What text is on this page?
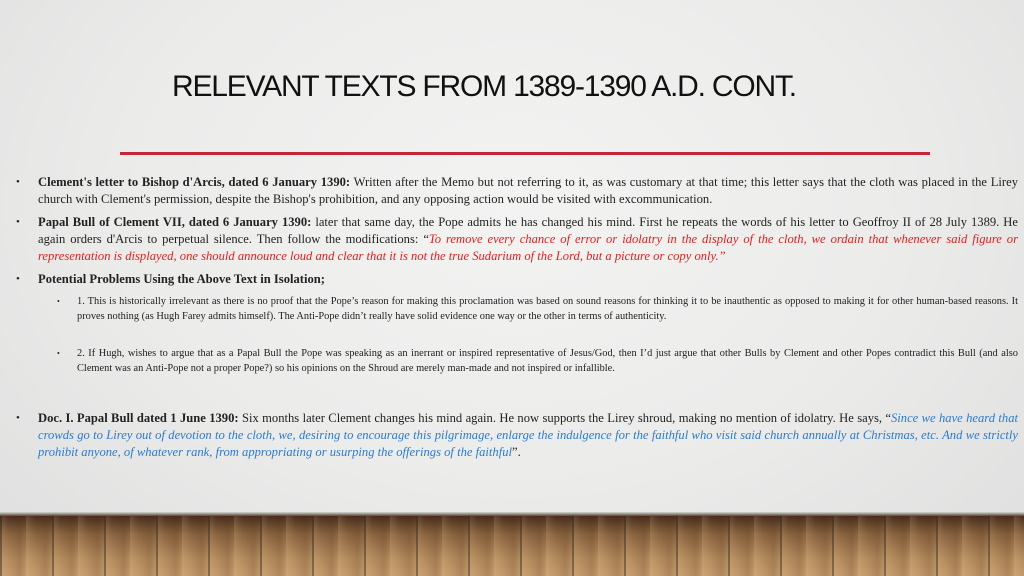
RELEVANT TEXTS FROM 1389-1390 A.D. CONT.
• Clement's letter to Bishop d'Arcis, dated 6 January 1390: Written after the Memo but not referring to it, as was customary at that time; this letter says that the cloth was placed in the Lirey church with Clement's permission, despite the Bishop's prohibition, and any opposing action would be visited with excommunication.
• Papal Bull of Clement VII, dated 6 January 1390: later that same day, the Pope admits he has changed his mind. First he repeats the words of his letter to Geoffroy II of 28 July 1389. He again orders d'Arcis to perpetual silence. Then follow the modifications: “To remove every chance of error or idolatry in the display of the cloth, we ordain that whenever said figure or representation is displayed, one should announce loud and clear that it is not the true Sudarium of the Lord, but a picture or copy only.”
• Potential Problems Using the Above Text in Isolation;
• 1. This is historically irrelevant as there is no proof that the Pope’s reason for making this proclamation was based on sound reasons for thinking it to be inauthentic as opposed to making it for other human-based reasons. It proves nothing (as Hugh Farey admits himself). The Anti-Pope didn’t really have solid evidence one way or the other in terms of authenticity.
• 2. If Hugh, wishes to argue that as a Papal Bull the Pope was speaking as an inerrant or inspired representative of Jesus/God, then I’d just argue that other Bulls by Clement and other Popes contradict this Bull (and also Clement was an Anti-Pope not a proper Pope?) so his opinions on the Shroud are merely man-made and not inspired or infallible.
• Doc. I. Papal Bull dated 1 June 1390: Six months later Clement changes his mind again. He now supports the Lirey shroud, making no mention of idolatry. He says, “Since we have heard that crowds go to Lirey out of devotion to the cloth, we, desiring to encourage this pilgrimage, enlarge the indulgence for the faithful who visit said church annually at Christmas, etc. And we strictly prohibit anyone, of whatever rank, from appropriating or usurping the offerings of the faithful”.
